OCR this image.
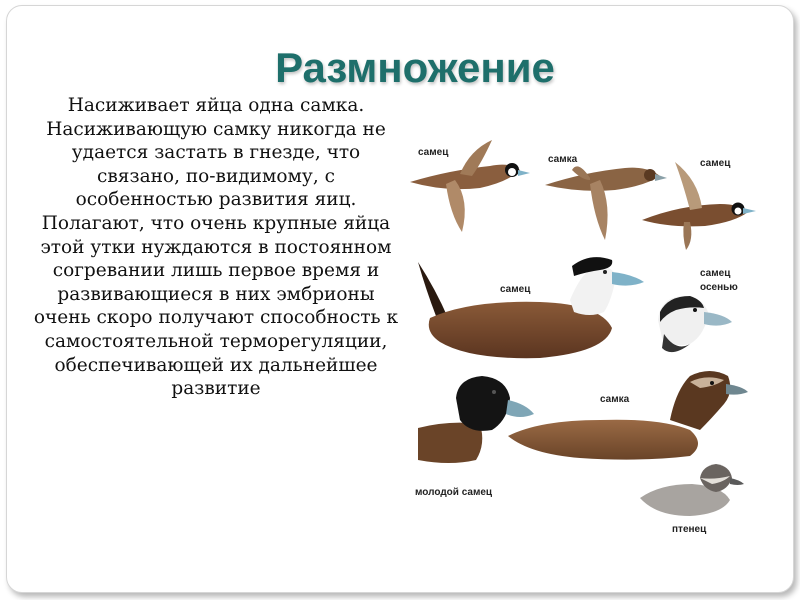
Размножение
Насиживает яйца одна самка. Насиживающую самку никогда не удается застать в гнезде, что связано, по-видимому, с особенностью развития яиц. Полагают, что очень крупные яйца этой утки нуждаются в постоянном согревании лишь первое время и развивающиеся в них эмбрионы очень скоро получают способность к самостоятельной терморегуляции, обеспечивающей их дальнейшее развитие
самец
самка	самец
самец
самец
осенью
молодой самец
самка
птенец
